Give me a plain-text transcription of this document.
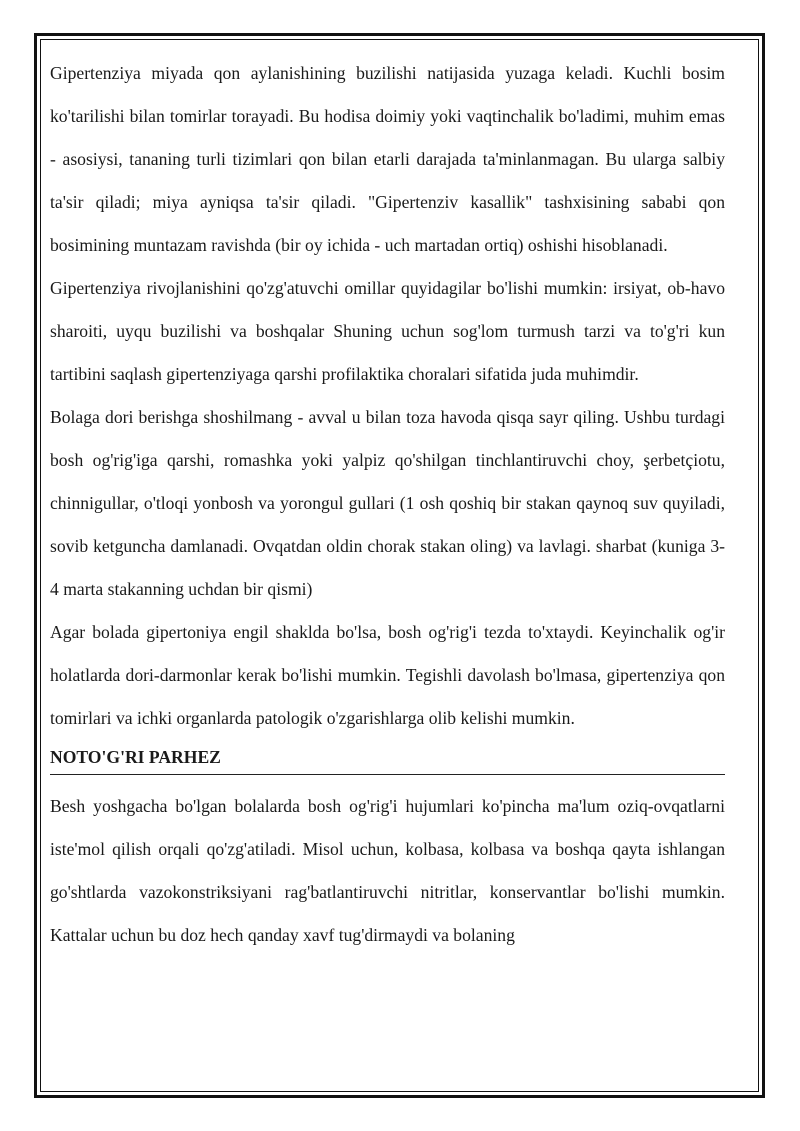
Gipertenziya miyada qon aylanishining buzilishi natijasida yuzaga keladi. Kuchli bosim ko'tarilishi bilan tomirlar torayadi. Bu hodisa doimiy yoki vaqtinchalik bo'ladimi, muhim emas - asosiysi, tananing turli tizimlari qon bilan etarli darajada ta'minlanmagan. Bu ularga salbiy ta'sir qiladi; miya ayniqsa ta'sir qiladi. "Gipertenziv kasallik" tashxisining sababi qon bosimining muntazam ravishda (bir oy ichida - uch martadan ortiq) oshishi hisoblanadi.

Gipertenziya rivojlanishini qo'zg'atuvchi omillar quyidagilar bo'lishi mumkin: irsiyat, ob-havo sharoiti, uyqu buzilishi va boshqalar Shuning uchun sog'lom turmush tarzi va to'g'ri kun tartibini saqlash gipertenziyaga qarshi profilaktika choralari sifatida juda muhimdir.

Bolaga dori berishga shoshilmang - avval u bilan toza havoda qisqa sayr qiling. Ushbu turdagi bosh og'rig'iga qarshi, romashka yoki yalpiz qo'shilgan tinchlantiruvchi choy, şerbetçiotu, chinnigullar, o'tloqi yonbosh va yorongul gullari (1 osh qoshiq bir stakan qaynoq suv quyiladi, sovib ketguncha damlanadi. Ovqatdan oldin chorak stakan oling) va lavlagi. sharbat (kuniga 3-4 marta stakanning uchdan bir qismi)

Agar bolada gipertoniya engil shaklda bo'lsa, bosh og'rig'i tezda to'xtaydi. Keyinchalik og'ir holatlarda dori-darmonlar kerak bo'lishi mumkin. Tegishli davolash bo'lmasa, gipertenziya qon tomirlari va ichki organlarda patologik o'zgarishlarga olib kelishi mumkin.

NOTO'G'RI PARHEZ

Besh yoshgacha bo'lgan bolalarda bosh og'rig'i hujumlari ko'pincha ma'lum oziq-ovqatlarni iste'mol qilish orqali qo'zg'atiladi. Misol uchun, kolbasa, kolbasa va boshqa qayta ishlangan go'shtlarda vazokonstriksiyani rag'batlantiruvchi nitritlar, konservantlar bo'lishi mumkin. Kattalar uchun bu doz hech qanday xavf tug'dirmaydi va bolaning
